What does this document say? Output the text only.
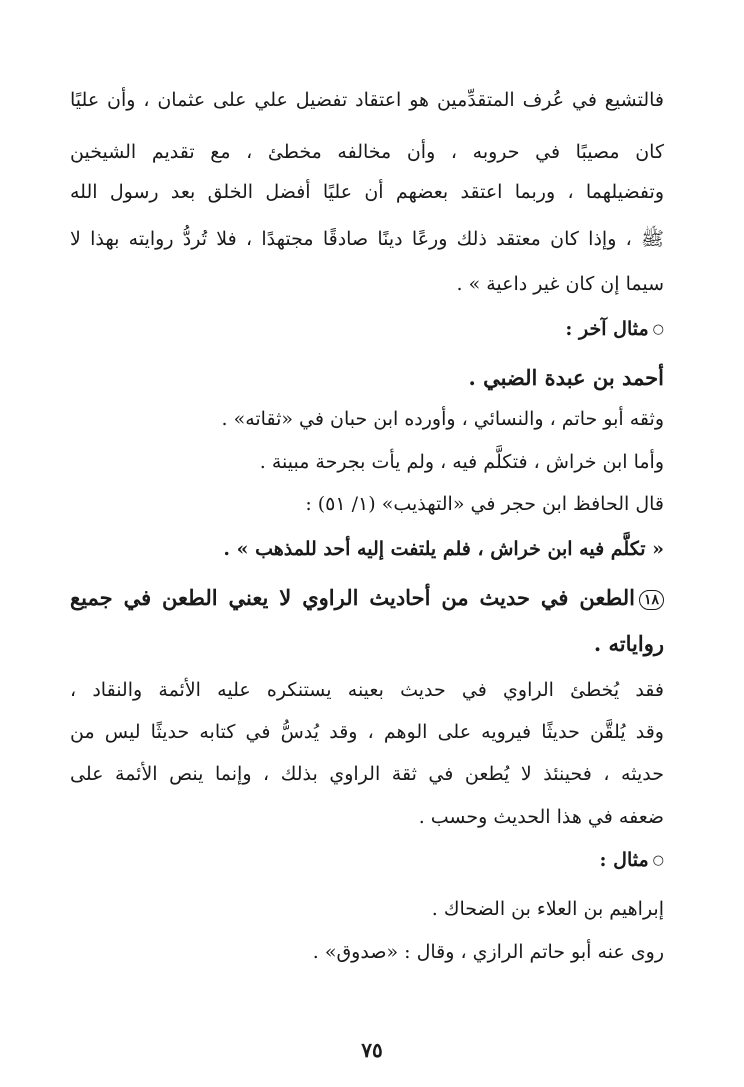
فالتشيع في عُرف المتقدِّمين هو اعتقاد تفضيل علي على عثمان ، وأن عليًا
كان مصيبًا في حروبه ، وأن مخالفه مخطئ ، مع تقديم الشيخين
وتفضيلهما ، وربما اعتقد بعضهم أن عليًا أفضل الخلق بعد رسول الله
ﷺ ، وإذا كان معتقد ذلك ورعًا دينًا صادقًا مجتهدًا ، فلا تُردُّ روايته بهذا لا
سيما إن كان غير داعية » .
○مثال آخر :
أحمد بن عبدة الضبي .
وثقه أبو حاتم ، والنسائي ، وأورده ابن حبان في «ثقاته» .
وأما ابن خراش ، فتكلَّم فيه ، ولم يأت بجرحة مبينة .
قال الحافظ ابن حجر في «التهذيب» (١/ ٥١) :
« تكلَّم فيه ابن خراش ، فلم يلتفت إليه أحد للمذهب » .
١٨الطعن في حديث من أحاديث الراوي لا يعني الطعن في جميع
رواياته .
فقد يُخطئ الراوي في حديث بعينه يستنكره عليه الأئمة والنقاد ،
وقد يُلقَّن حديثًا فيرويه على الوهم ، وقد يُدسُّ في كتابه حديثًا ليس من
حديثه ، فحينئذ لا يُطعن في ثقة الراوي بذلك ، وإنما ينص الأئمة على
ضعفه في هذا الحديث وحسب .
○مثال :
إبراهيم بن العلاء بن الضحاك .
روى عنه أبو حاتم الرازي ، وقال : «صدوق» .
٧٥
